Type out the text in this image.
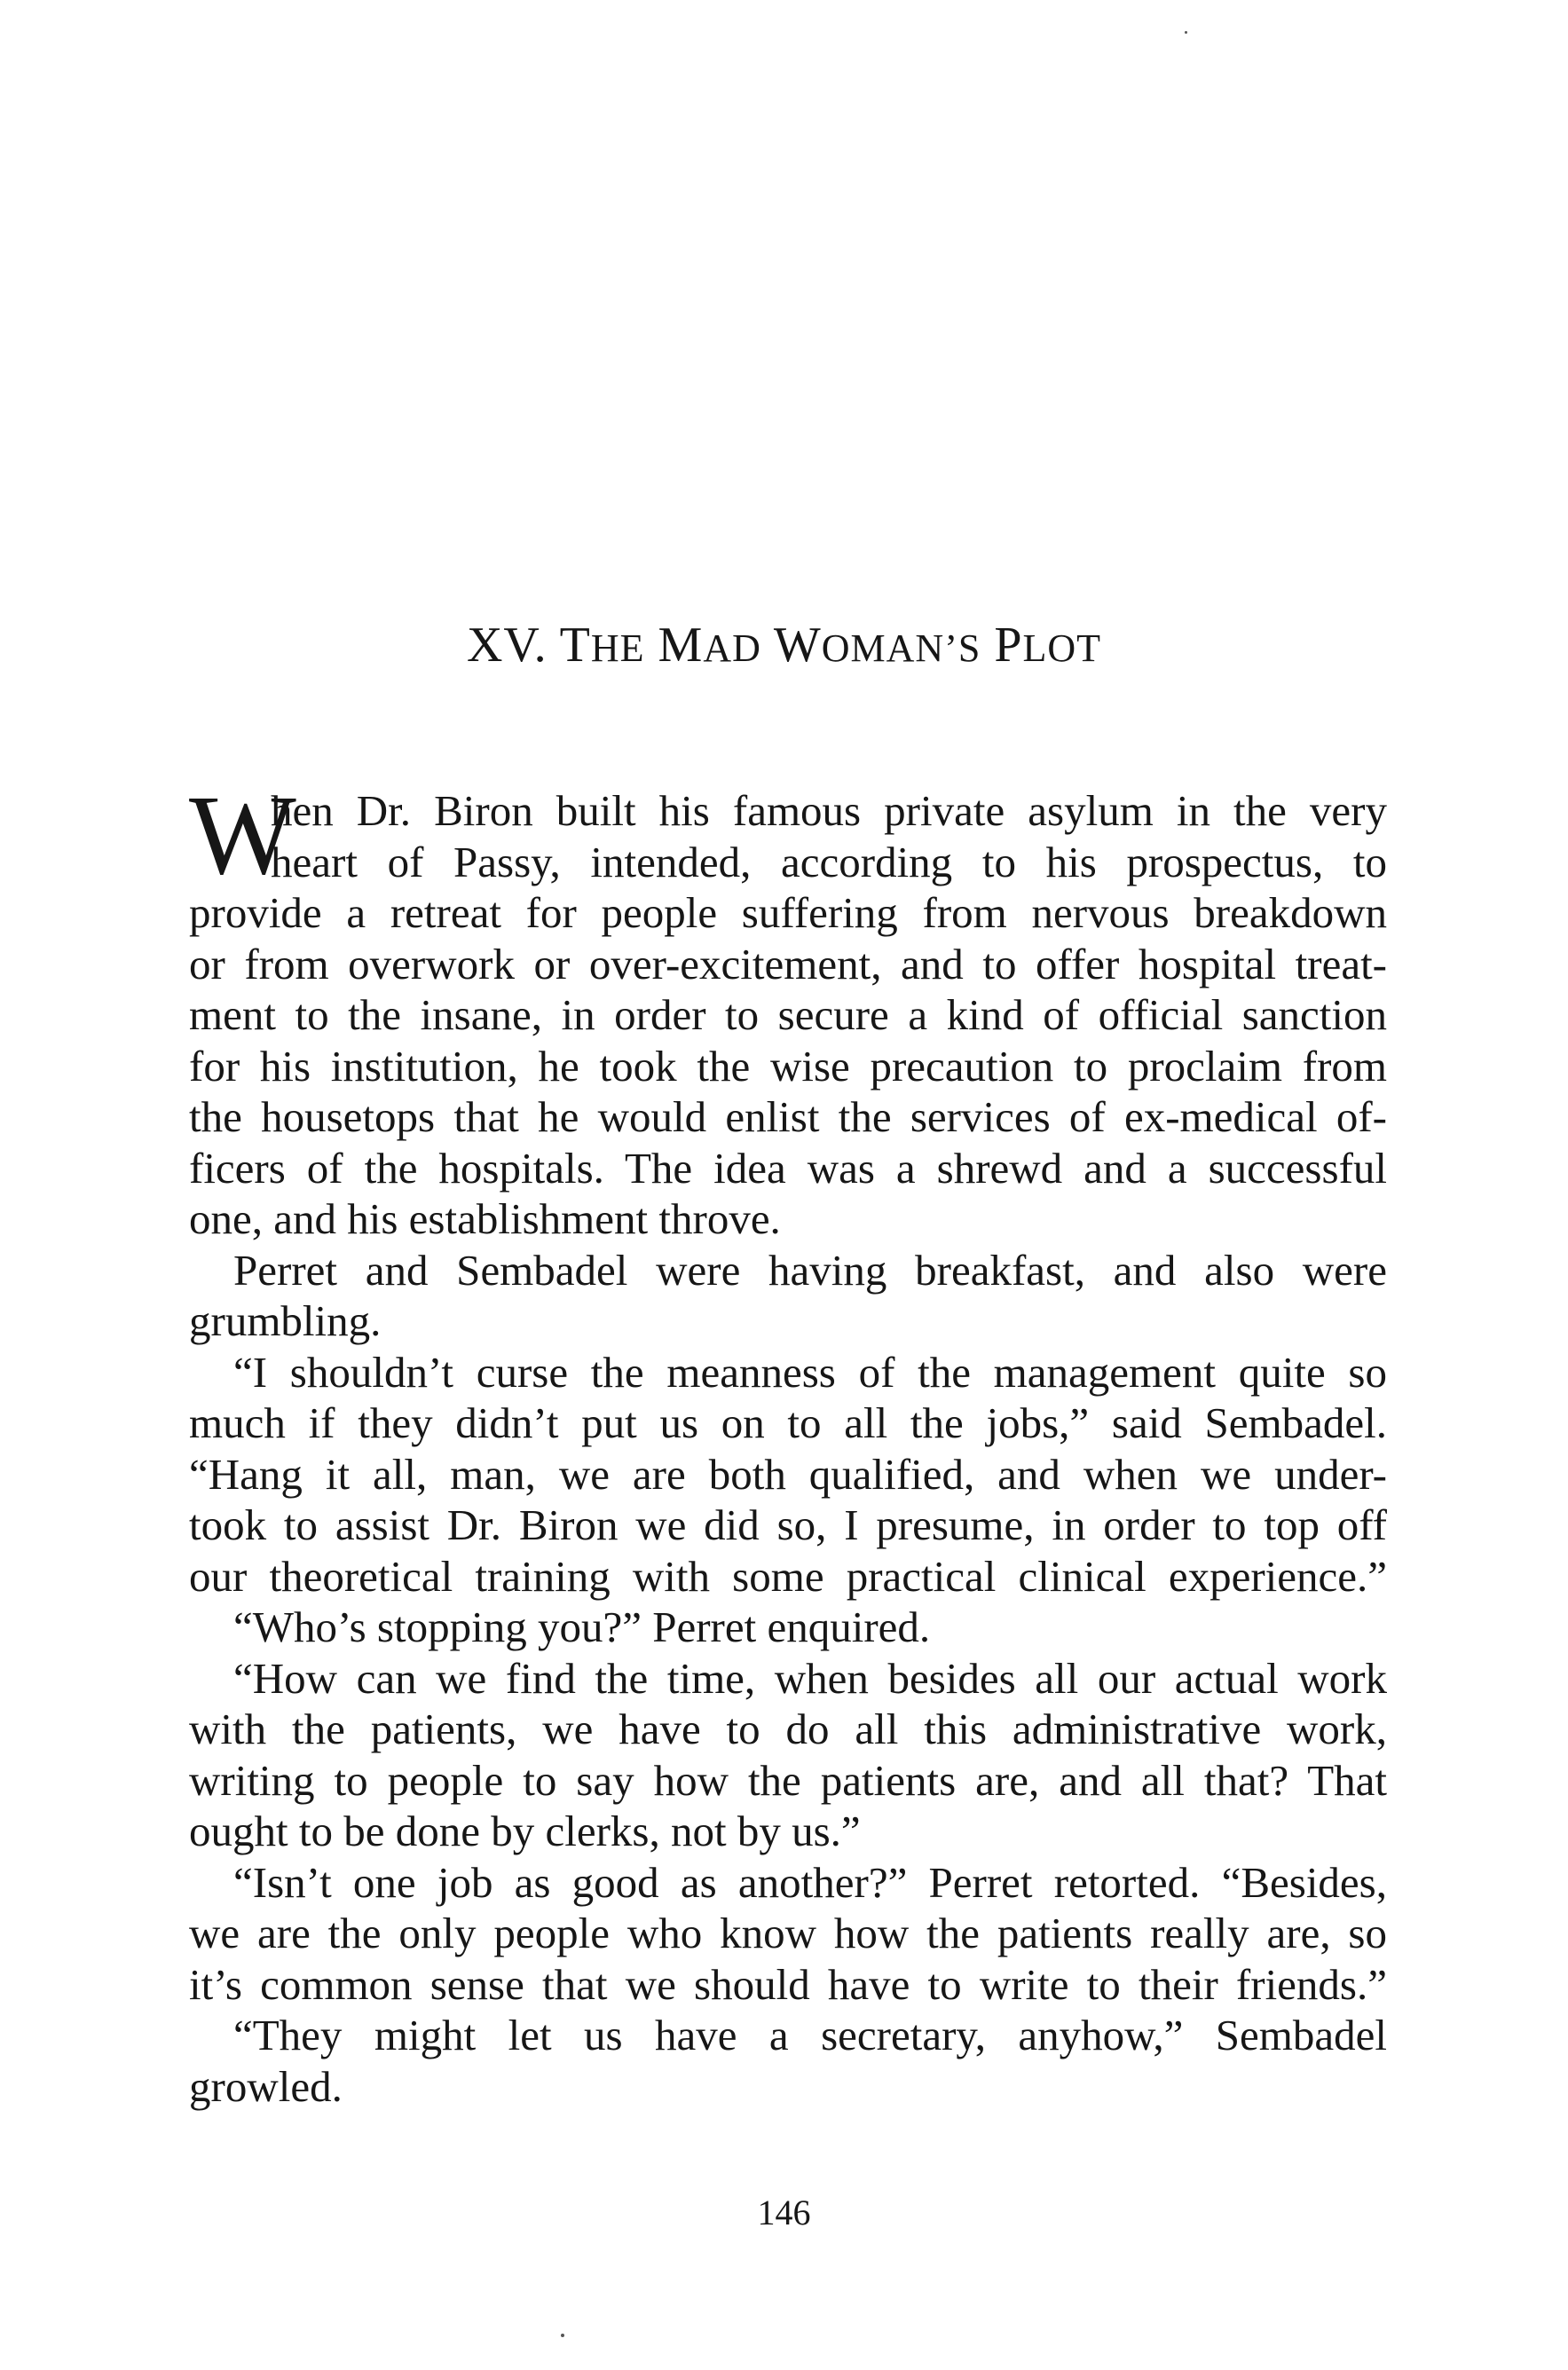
XV. THE MAD WOMAN’S PLOT
W
hen Dr. Biron built his famous private asylum in the very
heart of Passy, intended, according to his prospectus, to
provide a retreat for people suffering from nervous breakdown
or from overwork or over-excitement, and to offer hospital treat-
ment to the insane, in order to secure a kind of official sanction
for his institution, he took the wise precaution to proclaim from
the housetops that he would enlist the services of ex-medical of-
ficers of the hospitals. The idea was a shrewd and a successful
one, and his establishment throve.
Perret and Sembadel were having breakfast, and also were
grumbling.
“I shouldn’t curse the meanness of the management quite so
much if they didn’t put us on to all the jobs,” said Sembadel.
“Hang it all, man, we are both qualified, and when we under-
took to assist Dr. Biron we did so, I presume, in order to top off
our theoretical training with some practical clinical experience.”
“Who’s stopping you?” Perret enquired.
“How can we find the time, when besides all our actual work
with the patients, we have to do all this administrative work,
writing to people to say how the patients are, and all that? That
ought to be done by clerks, not by us.”
“Isn’t one job as good as another?” Perret retorted. “Besides,
we are the only people who know how the patients really are, so
it’s common sense that we should have to write to their friends.”
“They might let us have a secretary, anyhow,” Sembadel
growled.
146
